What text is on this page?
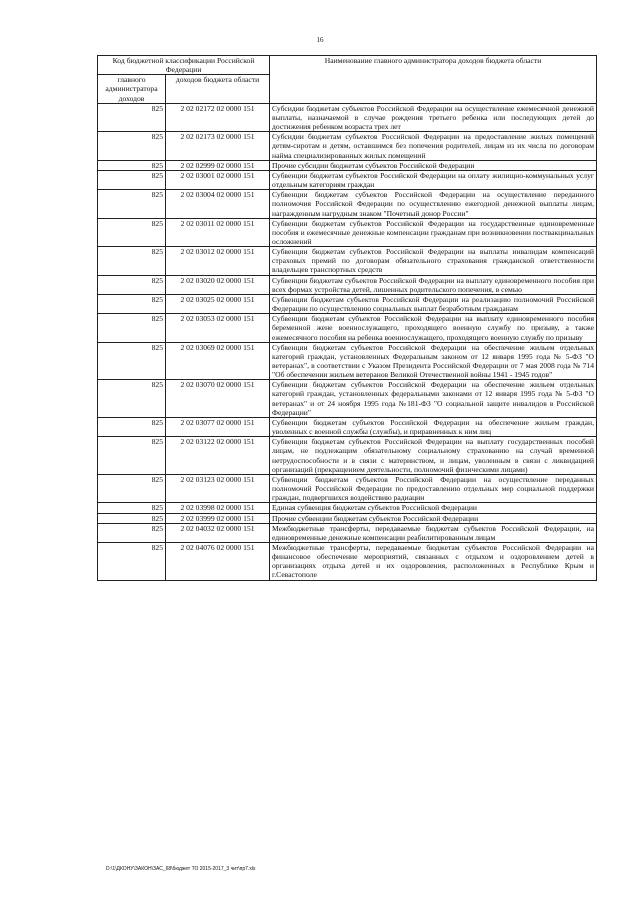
16
Код бюджетной классификации Российской Федерации		Наименование главного администратора доходов бюджета области
главного администратора доходов	доходов бюджета области	
825	2 02 02172 02 0000 151	Субсидии бюджетам субъектов Российской Федерации на осуществление ежемесячной денежной выплаты, назначаемой в случае рождения третьего ребенка или последующих детей до достижения ребенком возраста трех лет
825	2 02 02173 02 0000 151	Субсидии бюджетам субъектов Российской Федерации на предоставление жилых помещений детям-сиротам и детям, оставшимся без попечения родителей, лицам из их числа по договорам найма специализированных жилых помещений
825	2 02 02999 02 0000 151	Прочие субсидии бюджетам субъектов Российской Федерации
825	2 02 03001 02 0000 151	Субвенции бюджетам субъектов Российской Федерации на оплату жилищно-коммунальных услуг отдельным категориям граждан
825	2 02 03004 02 0000 151	Субвенции бюджетам субъектов Российской Федерации на осуществление переданного полномочия Российской Федерации по осуществлению ежегодной денежной выплаты лицам, награжденным нагрудным знаком "Почетный донор России"
825	2 02 03011 02 0000 151	Субвенции бюджетам субъектов Российской Федерации на государственные единовременные пособия и ежемесячные денежные компенсации гражданам при возникновении поствакцинальных осложнений
825	2 02 03012 02 0000 151	Субвенции бюджетам субъектов Российской Федерации на выплаты инвалидам компенсаций страховых премий по договорам обязательного страхования гражданской ответственности владельцев транспортных средств
825	2 02 03020 02 0000 151	Субвенции бюджетам субъектов Российской Федерации на выплату единовременного пособия при всех формах устройства детей, лишенных родительского попечения, в семью
825	2 02 03025 02 0000 151	Субвенции бюджетам субъектов Российской Федерации на реализацию полномочий Российской Федерации по осуществлению социальных выплат безработным гражданам
825	2 02 03053 02 0000 151	Субвенции бюджетам субъектов Российской Федерации на выплату единовременного пособия беременной жене военнослужащего, проходящего военную службу по призыву, а также ежемесячного пособия на ребенка военнослужащего, проходящего военную службу по призыву
825	2 02 03069 02 0000 151	Субвенции бюджетам субъектов Российской Федерации на обеспечение жильем отдельных категорий граждан, установленных Федеральным законом от 12 января 1995 года № 5-ФЗ "О ветеранах", в соответствии с Указом Президента Российской Федерации от 7 мая 2008 года № 714 "Об обеспечении жильем ветеранов Великой Отечественной войны 1941 - 1945 годов"
825	2 02 03070 02 0000 151	Субвенции бюджетам субъектов Российской Федерации на обеспечение жильем отдельных категорий граждан, установленных федеральными законами от 12 января 1995 года № 5-ФЗ "О ветеранах" и от 24 ноября 1995 года №181-ФЗ "О социальной защите инвалидов в Российской Федерации"
825	2 02 03077 02 0000 151	Субвенции бюджетам субъектов Российской Федерации на обеспечение жильем граждан, уволенных с военной службы (службы), и приравненных к ним лиц
825	2 02 03122 02 0000 151	Субвенции бюджетам субъектов Российской Федерации на выплату государственных пособий лицам, не подлежащим обязательному социальному страхованию на случай временной нетрудоспособности и в связи с материнством, и лицам, уволенным в связи с ликвидацией организаций (прекращением деятельности, полномочий физическими лицами)
825	2 02 03123 02 0000 151	Субвенции бюджетам субъектов Российской Федерации на осуществление переданных полномочий Российской Федерации по предоставлению отдельных мер социальной поддержки граждан, подвергшихся воздействию радиации
825	2 02 03998 02 0000 151	Единая субвенция бюджетам субъектов Российской Федерации
825	2 02 03999 02 0000 151	Прочие субвенции бюджетам субъектов Российской Федерации
825	2 02 04032 02 0000 151	Межбюджетные трансферты, передаваемые бюджетам субъектов Российской Федерации, на единовременные денежные компенсации реабилитированным лицам
825	2 02 04076 02 0000 151	Межбюджетные трансферты, передаваемые бюджетам субъектов Российской Федерации на финансовое обеспечение мероприятий, связанных с отдыхом и оздоровлением детей в организациях отдыха детей и их оздоровления, расположенных в Республике Крым и г.Севастополе
D:\1\ДКОНУ\ЗАКОН\ЗАС_68\бюджет ТО 2015-2017_3 чит\пр7.xls
